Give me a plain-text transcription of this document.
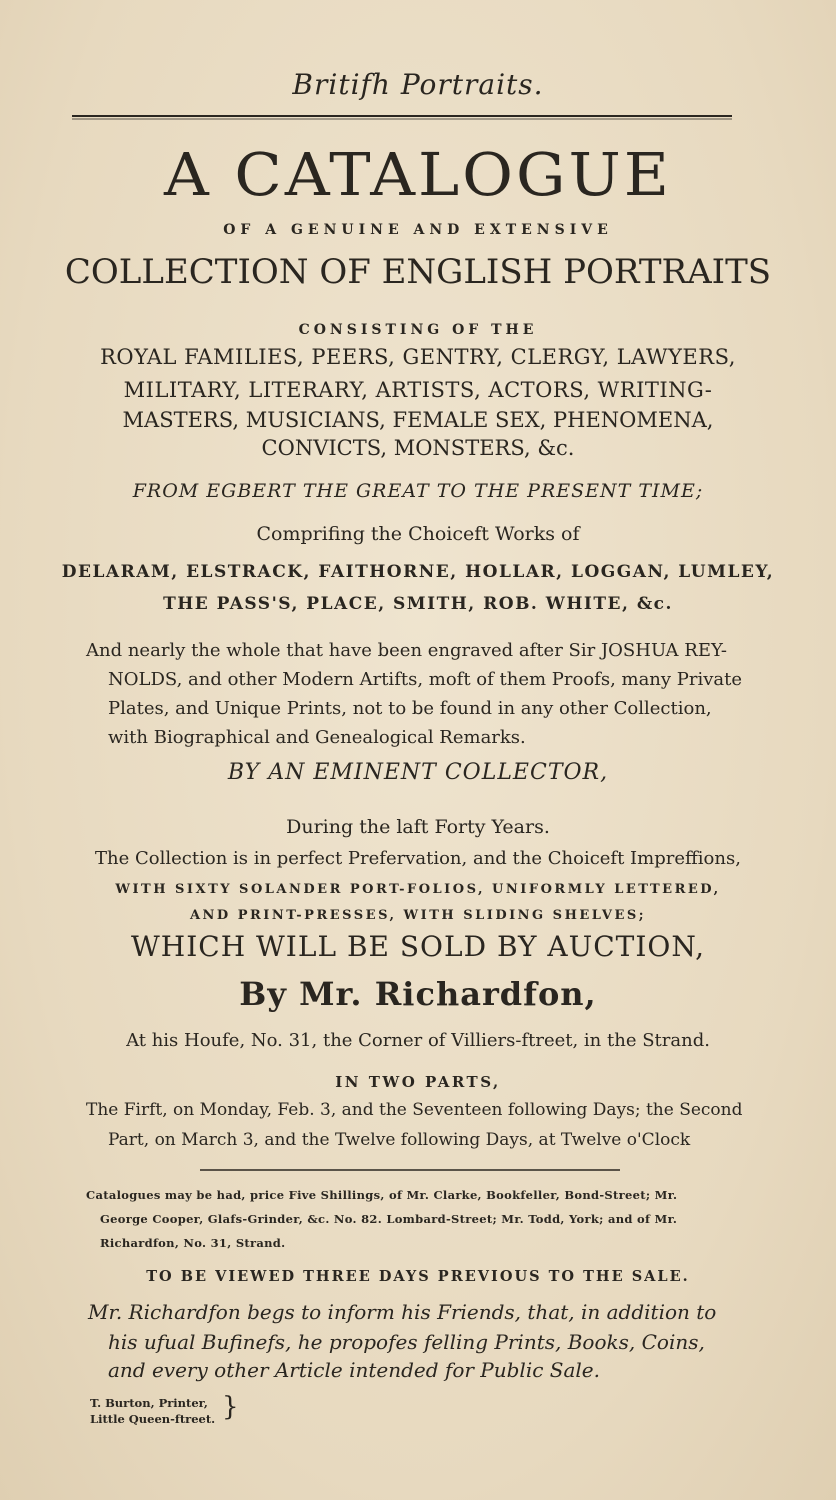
Britifh Portraits.
A CATALOGUE
OF A GENUINE AND EXTENSIVE
COLLECTION OF ENGLISH PORTRAITS
CONSISTING OF THE
ROYAL FAMILIES, PEERS, GENTRY, CLERGY, LAWYERS,
MILITARY, LITERARY, ARTISTS, ACTORS, WRITING-
MASTERS, MUSICIANS, FEMALE SEX, PHENOMENA,
CONVICTS, MONSTERS, &c.
FROM EGBERT THE GREAT TO THE PRESENT TIME;
Comprifing the Choiceft Works of
DELARAM, ELSTRACK, FAITHORNE, HOLLAR, LOGGAN, LUMLEY,
THE PASS'S, PLACE, SMITH, ROB. WHITE, &c.
And nearly the whole that have been engraved after Sir JOSHUA REY-
NOLDS, and other Modern Artifts, moft of them Proofs, many Private
Plates, and Unique Prints, not to be found in any other Collection,
with Biographical and Genealogical Remarks.
BY AN EMINENT COLLECTOR,
During the laft Forty Years.
The Collection is in perfect Prefervation, and the Choiceft Impreffions,
WITH SIXTY SOLANDER PORT-FOLIOS, UNIFORMLY LETTERED,
AND PRINT-PRESSES, WITH SLIDING SHELVES;
WHICH WILL BE SOLD BY AUCTION,
By Mr. Richardfon,
At his Houfe, No. 31, the Corner of Villiers-ftreet, in the Strand.
IN TWO PARTS,
The Firft, on Monday, Feb. 3, and the Seventeen following Days; the Second
Part, on March 3, and the Twelve following Days, at Twelve o'Clock
Catalogues may be had, price Five Shillings, of Mr. Clarke, Bookfeller, Bond-Street; Mr.
George Cooper, Glafs-Grinder, &c. No. 82. Lombard-Street; Mr. Todd, York; and of Mr.
Richardfon, No. 31, Strand.
TO BE VIEWED THREE DAYS PREVIOUS TO THE SALE.
Mr. Richardfon begs to inform his Friends, that, in addition to
his ufual Bufinefs, he propofes felling Prints, Books, Coins,
and every other Article intended for Public Sale.
T. Burton, Printer,
Little Queen-ftreet. }
